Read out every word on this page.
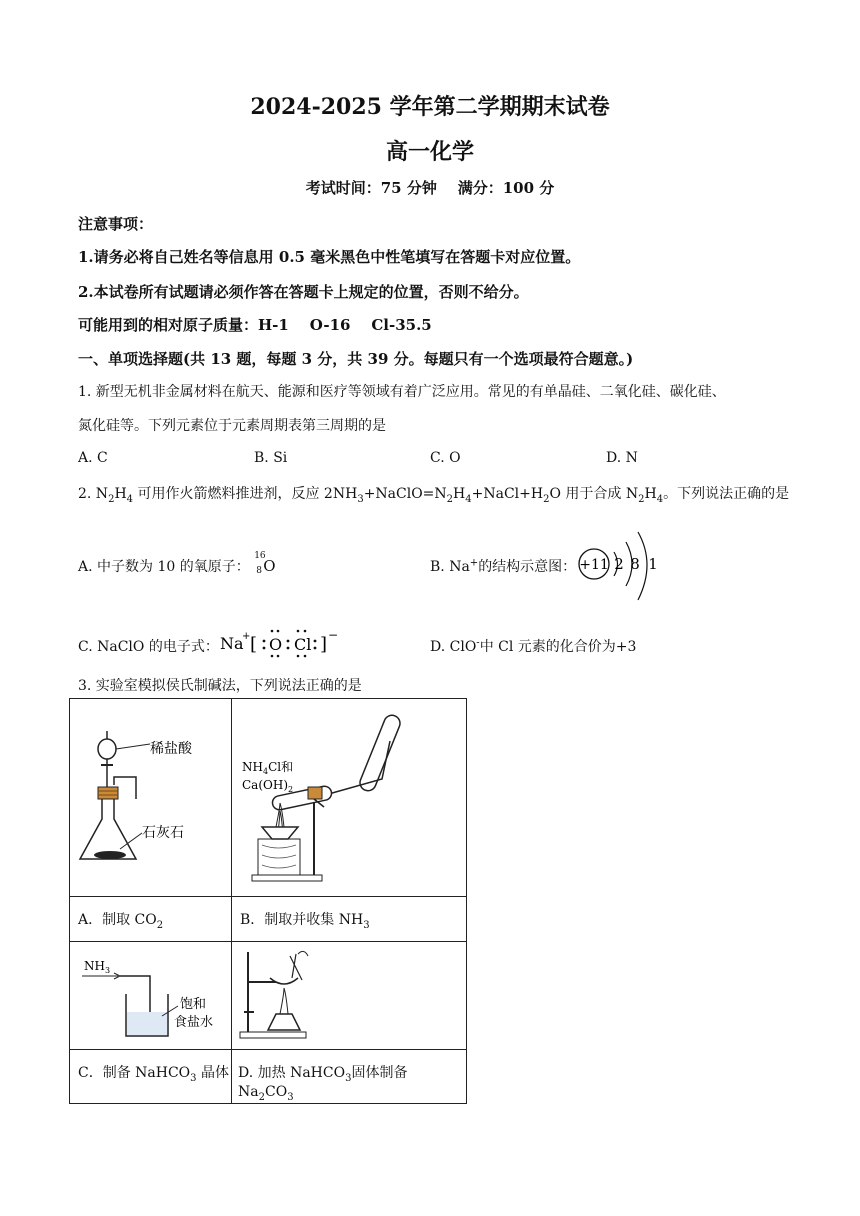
2024-2025 学年第二学期期末试卷
高一化学
考试时间：75 分钟    满分：100 分
注意事项：
1.请务必将自己姓名等信息用 0.5 毫米黑色中性笔填写在答题卡对应位置。
2.本试卷所有试题请必须作答在答题卡上规定的位置，否则不给分。
可能用到的相对原子质量：H-1    O-16    Cl-35.5
一、单项选择题(共 13 题，每题 3 分，共 39 分。每题只有一个选项最符合题意。)
1. 新型无机非金属材料在航天、能源和医疗等领域有着广泛应用。常见的有单晶硅、二氧化硅、碳化硅、
氮化硅等。下列元素位于元素周期表第三周期的是
A. C	B. Si	C. O	D. N
2. $N_2H_4$ 可用作火箭燃料推进剂，反应 $2NH_3+NaClO=N_2H_4+NaCl+H_2O$ 用于合成 $N_2H_4$。下列说法正确的是
A. 中子数为 10 的氧原子：
16
8 O	B. Na+的结构示意图： +11 2 8 1
C. NaClO 的电子式： Na
+ [ O Cl ] −
D. ClO-中 Cl 元素的化合价为+3
3. 实验室模拟侯氏制碱法，下列说法正确的是
稀盐酸
石灰石	$NH_4Cl$和
$Ca(OH)_2$

A．制取 $CO_2$	B．制取并收集 $NH_3$

$NH_3$
饱和
食盐水

C．制备 NaHCO$_3$ 晶体	D. 加热 NaHCO$_3$固体制备 $Na_2CO_3$
